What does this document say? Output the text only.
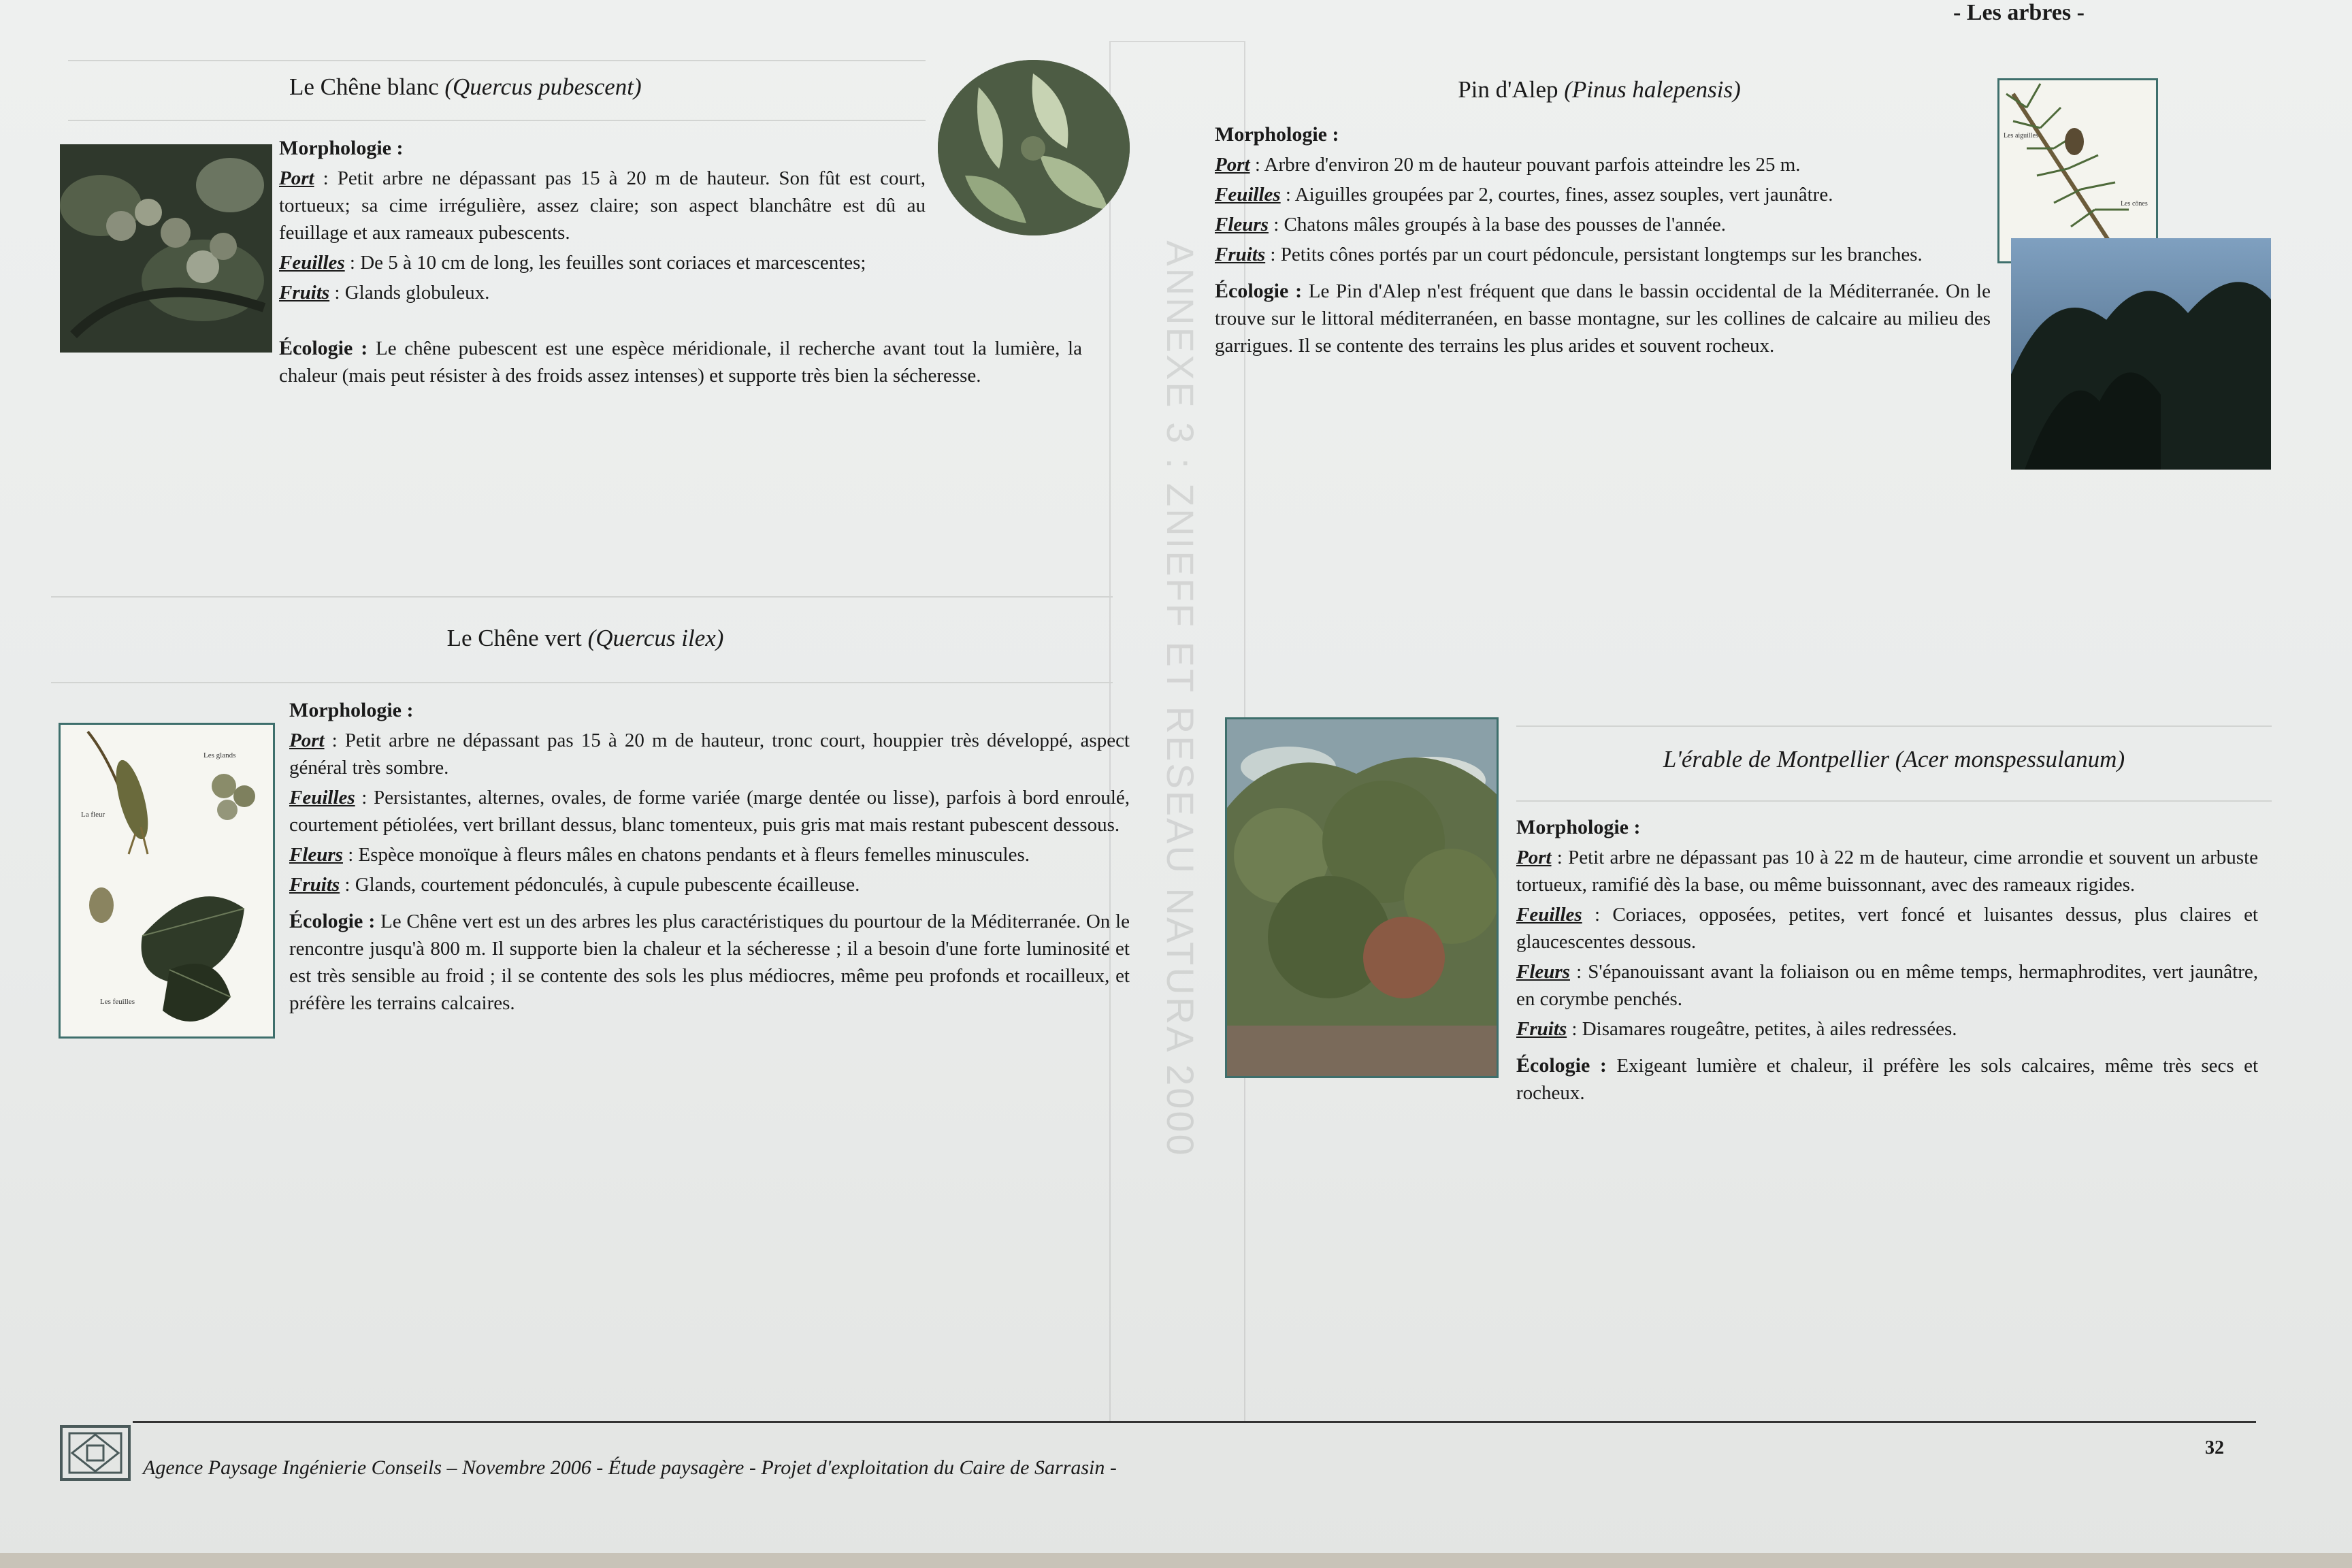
- Les arbres -
ANNEXE 3 : ZNIEFF ET RESEAU NATURA 2000
Le Chêne blanc (Quercus pubescent)

Morphologie :

Port : Petit arbre ne dépassant pas 15 à 20 m de hauteur. Son fût est court, tortueux; sa cime irrégulière, assez claire; son aspect blanchâtre est dû au feuillage et aux rameaux pubescents.

Feuilles : De 5 à 10 cm de long, les feuilles sont coriaces et marcescentes;

Fruits : Glands globuleux.

Écologie : Le chêne pubescent est une espèce méridionale, il recherche avant tout la lumière, la chaleur (mais peut résister à des froids assez intenses) et supporte très bien la sécheresse.

Pin d'Alep (Pinus halepensis)

Morphologie :

Port : Arbre d'environ 20 m de hauteur pouvant parfois atteindre les 25 m.

Feuilles : Aiguilles groupées par 2, courtes, fines, assez souples, vert jaunâtre.

Fleurs : Chatons mâles groupés à la base des pousses de l'année.

Fruits : Petits cônes portés par un court pédoncule, persistant longtemps sur les branches.

Écologie : Le Pin d'Alep n'est fréquent que dans le bassin occidental de la Méditerranée. On le trouve sur le littoral méditerranéen, en basse montagne, sur les collines de calcaire au milieu des garrigues. Il se contente des terrains les plus arides et souvent rocheux.

Les aiguilles
Les cônes
Le Chêne vert (Quercus ilex)
Les glands
La fleur
Les feuilles

Morphologie :

Port : Petit arbre ne dépassant pas 15 à 20 m de hauteur, tronc court, houppier très développé, aspect général très sombre.

Feuilles : Persistantes, alternes, ovales, de forme variée (marge dentée ou lisse), parfois à bord enroulé, courtement pétiolées, vert brillant dessus, blanc tomenteux, puis gris mat mais restant pubescent dessous.

Fleurs : Espèce monoïque à fleurs mâles en chatons pendants et à fleurs femelles minuscules.

Fruits : Glands, courtement pédonculés, à cupule pubescente écailleuse.

Écologie : Le Chêne vert est un des arbres les plus caractéristiques du pourtour de la Méditerranée. On le rencontre jusqu'à 800 m. Il supporte bien la chaleur et la sécheresse ; il a besoin d'une forte luminosité et est très sensible au froid ; il se contente des sols les plus médiocres, même peu profonds et rocailleux, et préfère les terrains calcaires.

L'érable de Montpellier (Acer monspessulanum)

Morphologie :

Port : Petit arbre ne dépassant pas 10 à 22 m de hauteur, cime arrondie et souvent un arbuste tortueux, ramifié dès la base, ou même buissonnant, avec des rameaux rigides.

Feuilles : Coriaces, opposées, petites, vert foncé et luisantes dessus, plus claires et glaucescentes dessous.

Fleurs : S'épanouissant avant la foliaison ou en même temps, hermaphrodites, vert jaunâtre, en corymbe penchés.

Fruits : Disamares rougeâtre, petites, à ailes redressées.

Écologie : Exigeant lumière et chaleur, il préfère les sols calcaires, même très secs et rocheux.

Agence Paysage Ingénierie Conseils – Novembre 2006 - Étude paysagère - Projet d'exploitation du Caire de Sarrasin -
32
